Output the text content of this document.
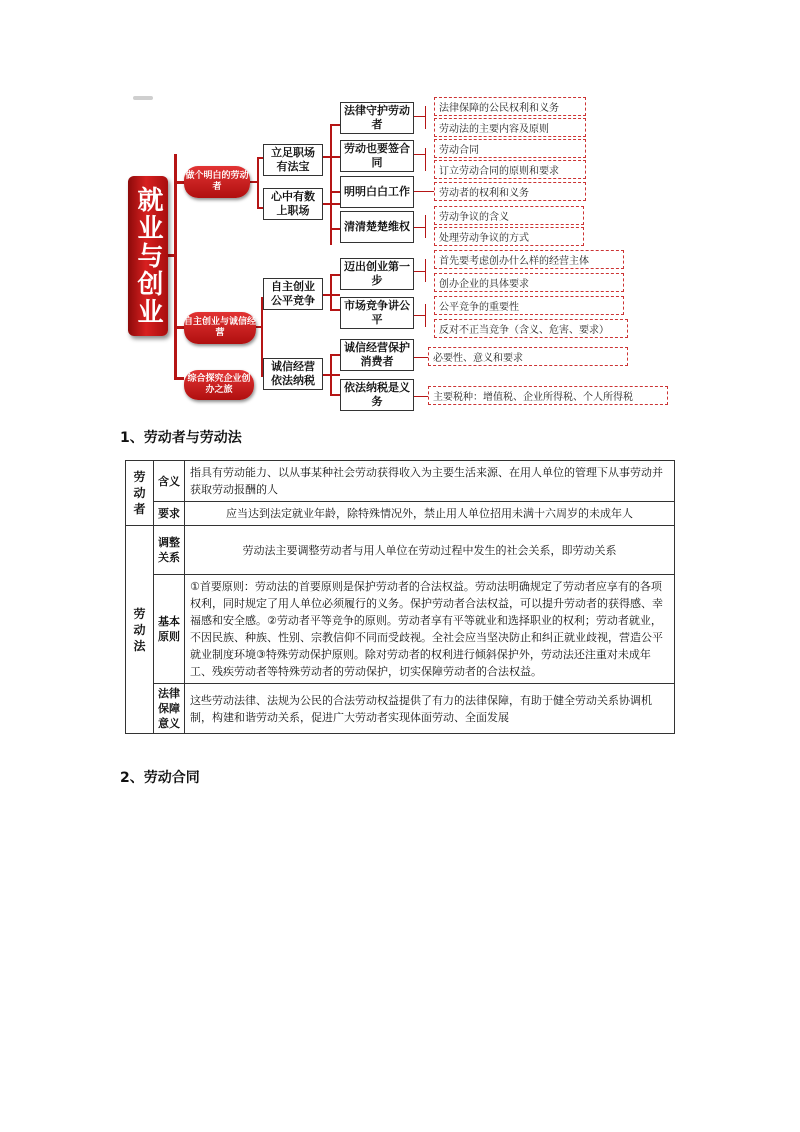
就业与创业
做个明白的劳动者
自主创业与诚信经营
综合探究企业创办之旅
立足职场有法宝
心中有数上职场
自主创业公平竞争
诚信经营依法纳税
法律守护劳动者
劳动也要签合同
明明白白工作
清清楚楚维权
迈出创业第一步
市场竞争讲公平
诚信经营保护消费者
依法纳税是义务
法律保障的公民权利和义务
劳动法的主要内容及原则
劳动合同
订立劳动合同的原则和要求
劳动者的权利和义务
劳动争议的含义
处理劳动争议的方式
首先要考虑创办什么样的经营主体
创办企业的具体要求
公平竞争的重要性
反对不正当竞争（含义、危害、要求）
必要性、意义和要求
主要税种：增值税、企业所得税、个人所得税
1、劳动者与劳动法
劳动者	含义	指具有劳动能力、以从事某种社会劳动获得收入为主要生活来源、在用人单位的管理下从事劳动并获取劳动报酬的人
	要求	应当达到法定就业年龄，除特殊情况外，禁止用人单位招用未满十六周岁的未成年人
劳动法	调整关系	劳动法主要调整劳动者与用人单位在劳动过程中发生的社会关系，即劳动关系
	基本原则	①首要原则：劳动法的首要原则是保护劳动者的合法权益。劳动法明确规定了劳动者应享有的各项权利，同时规定了用人单位必须履行的义务。保护劳动者合法权益，可以提升劳动者的获得感、幸福感和安全感。②劳动者平等竞争的原则。劳动者享有平等就业和选择职业的权利；劳动者就业，不因民族、种族、性别、宗教信仰不同而受歧视。全社会应当坚决防止和纠正就业歧视，营造公平就业制度环境③特殊劳动保护原则。除对劳动者的权利进行倾斜保护外，劳动法还注重对未成年工、残疾劳动者等特殊劳动者的劳动保护，切实保障劳动者的合法权益。
	法律保障意义	这些劳动法律、法规为公民的合法劳动权益提供了有力的法律保障，有助于健全劳动关系协调机制，构建和谐劳动关系，促进广大劳动者实现体面劳动、全面发展
2、劳动合同
